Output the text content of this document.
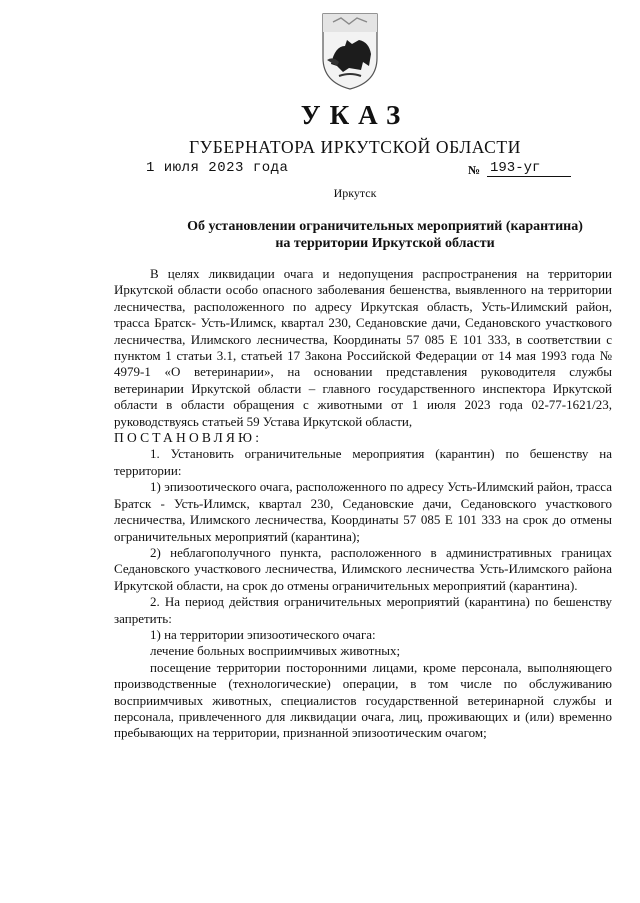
УКАЗ
ГУБЕРНАТОРА ИРКУТСКОЙ ОБЛАСТИ
1 июля 2023 года	№ 193-уг
Иркутск
Об установлении ограничительных мероприятий (карантина)
на территории Иркутской области

В целях ликвидации очага и недопущения распространения на территории Иркутской области особо опасного заболевания бешенства, выявленного на территории лесничества, расположенного по адресу Иркутская область, Усть-Илимский район, трасса Братск- Усть-Илимск, квартал 230, Седановские дачи, Седановского участкового лесничества, Илимского лесничества, Координаты 57 085 Е 101 333, в соответствии с пунктом 1 статьи 3.1, статьей 17 Закона Российской Федерации от 14 мая 1993 года № 4979-1 «О ветеринарии», на основании представления руководителя службы ветеринарии Иркутской области – главного государственного инспектора Иркутской области в области обращения с животными от 1 июля 2023 года 02-77-1621/23, руководствуясь статьей 59 Устава Иркутской области,

ПОСТАНОВЛЯЮ:

1. Установить ограничительные мероприятия (карантин) по бешенству на территории:

1) эпизоотического очага, расположенного по адресу Усть-Илимский район, трасса Братск - Усть-Илимск, квартал 230, Седановские дачи, Седановского участкового лесничества, Илимского лесничества, Координаты 57 085 Е 101 333 на срок до отмены ограничительных мероприятий (карантина);

2) неблагополучного пункта, расположенного в административных границах Седановского участкового лесничества, Илимского лесничества Усть-Илимского района Иркутской области, на срок до отмены ограничительных мероприятий (карантина).

2. На период действия ограничительных мероприятий (карантина) по бешенству запретить:

1) на территории эпизоотического очага:

лечение больных восприимчивых животных;

посещение территории посторонними лицами, кроме персонала, выполняющего производственные (технологические) операции, в том числе по обслуживанию восприимчивых животных, специалистов государственной ветеринарной службы и персонала, привлеченного для ликвидации очага, лиц, проживающих и (или) временно пребывающих на территории, признанной эпизоотическим очагом;
